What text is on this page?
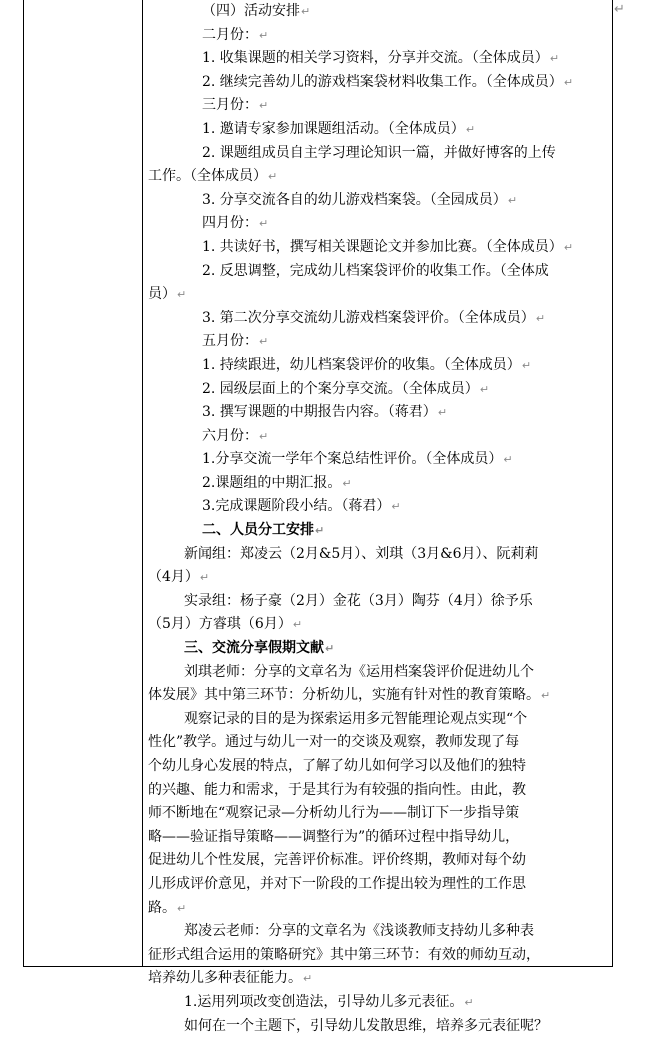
↵
（四）活动安排↵
二月份：↵
1. 收集课题的相关学习资料，分享并交流。（全体成员）↵
2. 继续完善幼儿的游戏档案袋材料收集工作。（全体成员）↵
三月份：↵
1. 邀请专家参加课题组活动。（全体成员）↵
2. 课题组成员自主学习理论知识一篇，并做好博客的上传
工作。（全体成员）↵
3. 分享交流各自的幼儿游戏档案袋。（全园成员）↵
四月份：↵
1. 共读好书，撰写相关课题论文并参加比赛。（全体成员）↵
2. 反思调整，完成幼儿档案袋评价的收集工作。（全体成
员）↵
3. 第二次分享交流幼儿游戏档案袋评价。（全体成员）↵
五月份：↵
1. 持续跟进，幼儿档案袋评价的收集。（全体成员）↵
2. 园级层面上的个案分享交流。（全体成员）↵
3. 撰写课题的中期报告内容。（蒋君）↵
六月份：↵
1.分享交流一学年个案总结性评价。（全体成员）↵
2.课题组的中期汇报。↵
3.完成课题阶段小结。（蒋君）↵
二、人员分工安排↵
新闻组：郑凌云（2月&5月）、刘琪（3月&6月）、阮莉莉
（4月）↵
实录组：杨子豪（2月）金花（3月）陶芬（4月）徐予乐
（5月）方睿琪（6月）↵
三、交流分享假期文献↵
刘琪老师：分享的文章名为《运用档案袋评价促进幼儿个
体发展》其中第三环节：分析幼儿，实施有针对性的教育策略。↵
观察记录的目的是为探索运用多元智能理论观点实现“个
性化”教学。通过与幼儿一对一的交谈及观察，教师发现了每
个幼儿身心发展的特点，了解了幼儿如何学习以及他们的独特
的兴趣、能力和需求，于是其行为有较强的指向性。由此，教
师不断地在“观察记录—分析幼儿行为——制订下一步指导策
略——验证指导策略——调整行为”的循环过程中指导幼儿，
促进幼儿个性发展，完善评价标准。评价终期，教师对每个幼
儿形成评价意见，并对下一阶段的工作提出较为理性的工作思
路。↵
郑凌云老师：分享的文章名为《浅谈教师支持幼儿多种表
征形式组合运用的策略研究》其中第三环节：有效的师幼互动，
培养幼儿多种表征能力。↵
1.运用列项改变创造法，引导幼儿多元表征。↵
如何在一个主题下，引导幼儿发散思维，培养多元表征呢？
